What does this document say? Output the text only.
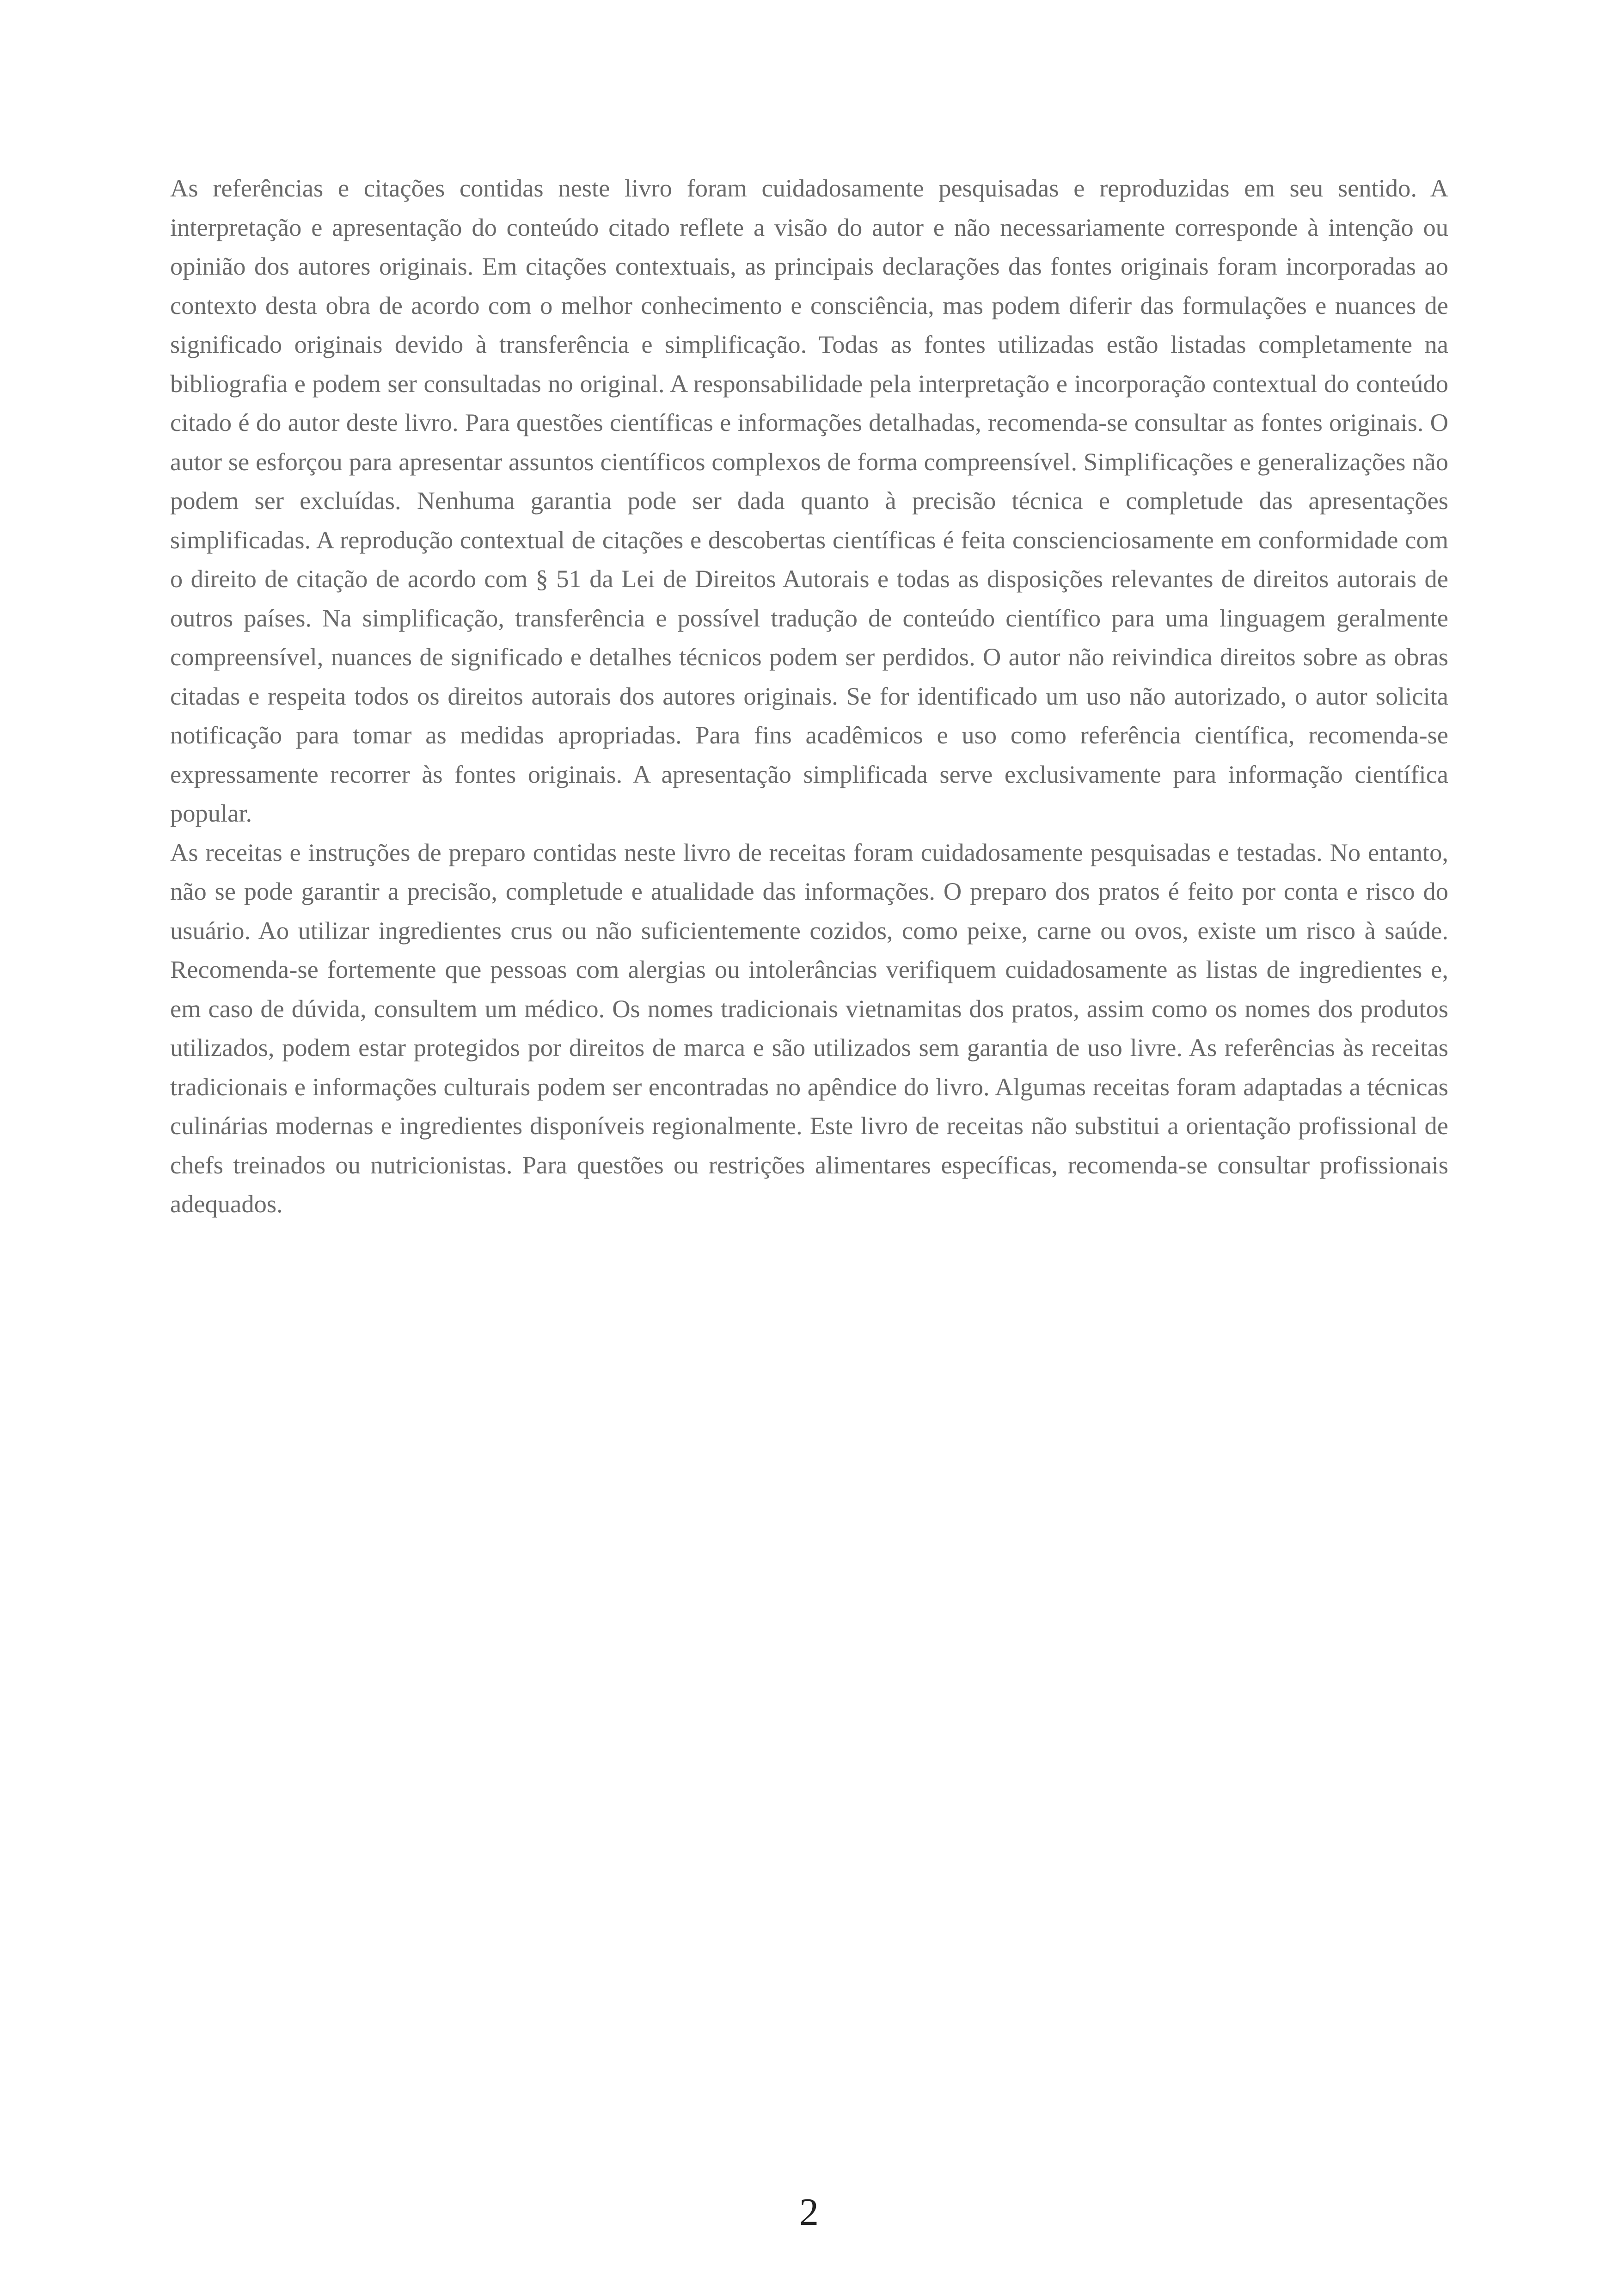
As referências e citações contidas neste livro foram cuidadosamente pesquisadas e reproduzidas em seu sentido. A interpretação e apresentação do conteúdo citado reflete a visão do autor e não necessariamente corresponde à intenção ou opinião dos autores originais. Em citações contextuais, as principais declarações das fontes originais foram incorporadas ao contexto desta obra de acordo com o melhor conhecimento e consciência, mas podem diferir das formulações e nuances de significado originais devido à transferência e simplificação. Todas as fontes utilizadas estão listadas completamente na bibliografia e podem ser consultadas no original. A responsabilidade pela interpretação e incorporação contextual do conteúdo citado é do autor deste livro. Para questões científicas e informações detalhadas, recomenda-se consultar as fontes originais. O autor se esforçou para apresentar assuntos científicos complexos de forma compreensível. Simplificações e generalizações não podem ser excluídas. Nenhuma garantia pode ser dada quanto à precisão técnica e completude das apresentações simplificadas. A reprodução contextual de citações e descobertas científicas é feita conscienciosamente em conformidade com o direito de citação de acordo com § 51 da Lei de Direitos Autorais e todas as disposições relevantes de direitos autorais de outros países. Na simplificação, transferência e possível tradução de conteúdo científico para uma linguagem geralmente compreensível, nuances de significado e detalhes técnicos podem ser perdidos. O autor não reivindica direitos sobre as obras citadas e respeita todos os direitos autorais dos autores originais. Se for identificado um uso não autorizado, o autor solicita notificação para tomar as medidas apropriadas. Para fins acadêmicos e uso como referência científica, recomenda-se expressamente recorrer às fontes originais. A apresentação simplificada serve exclusivamente para informação científica popular.

As receitas e instruções de preparo contidas neste livro de receitas foram cuidadosamente pesquisadas e testadas. No entanto, não se pode garantir a precisão, completude e atualidade das informações. O preparo dos pratos é feito por conta e risco do usuário. Ao utilizar ingredientes crus ou não suficientemente cozidos, como peixe, carne ou ovos, existe um risco à saúde. Recomenda-se fortemente que pessoas com alergias ou intolerâncias verifiquem cuidadosamente as listas de ingredientes e, em caso de dúvida, consultem um médico. Os nomes tradicionais vietnamitas dos pratos, assim como os nomes dos produtos utilizados, podem estar protegidos por direitos de marca e são utilizados sem garantia de uso livre. As referências às receitas tradicionais e informações culturais podem ser encontradas no apêndice do livro. Algumas receitas foram adaptadas a técnicas culinárias modernas e ingredientes disponíveis regionalmente. Este livro de receitas não substitui a orientação profissional de chefs treinados ou nutricionistas. Para questões ou restrições alimentares específicas, recomenda-se consultar profissionais adequados.

2
